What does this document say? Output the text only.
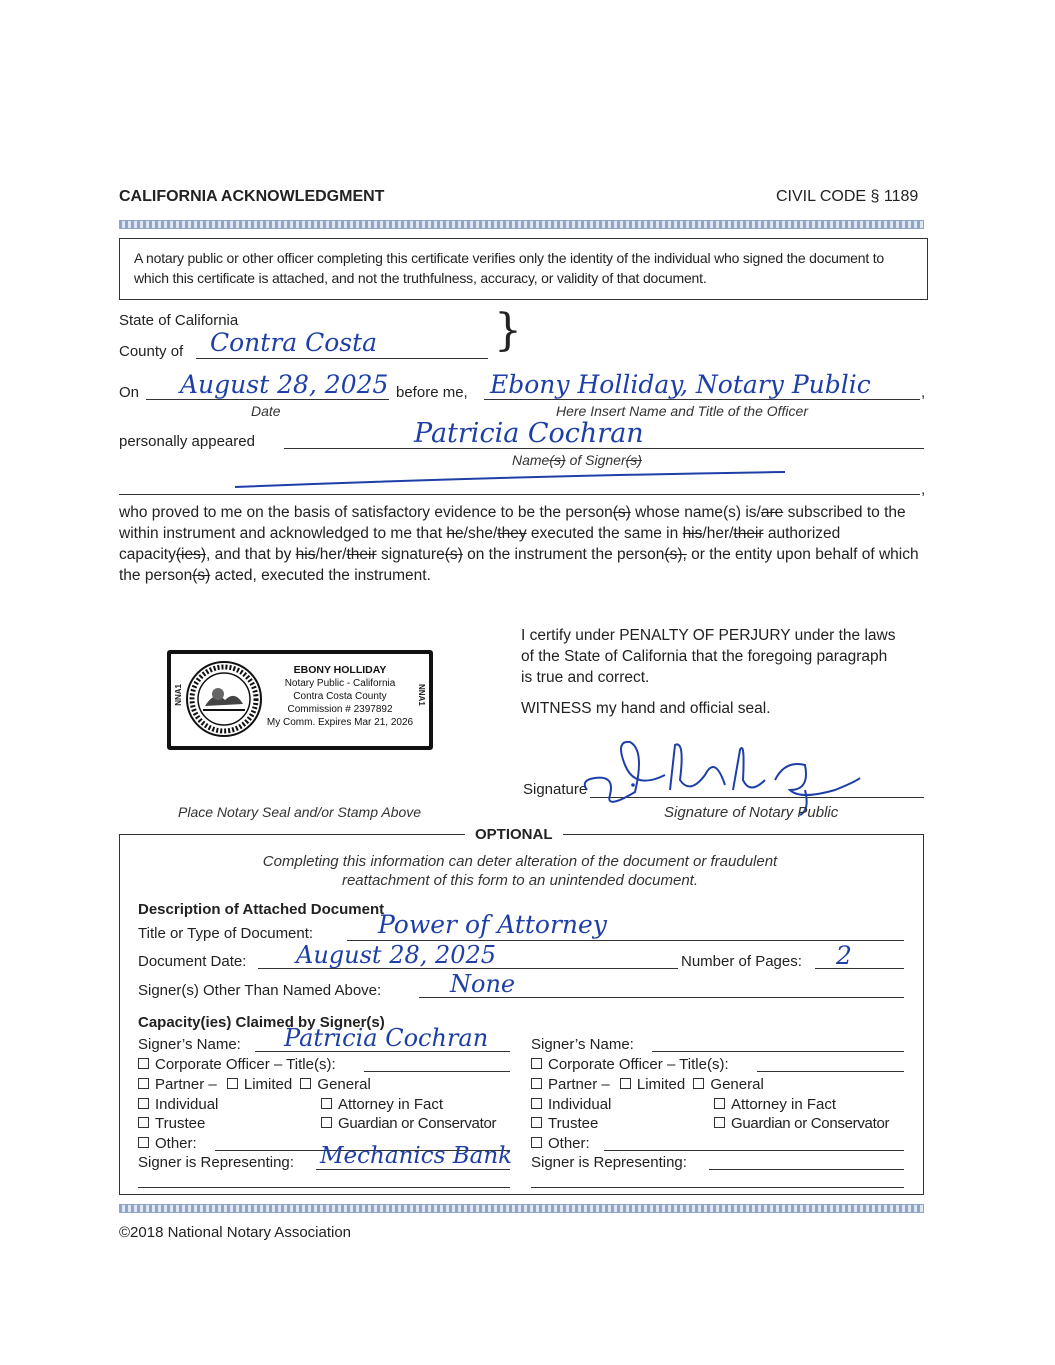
CALIFORNIA ACKNOWLEDGMENT	CIVIL CODE § 1189
A notary public or other officer completing this certificate verifies only the identity of the individual who signed the document to which this certificate is attached, and not the truthfulness, accuracy, or validity of that document.
State of California
County of Contra Costa	}
On August 28, 2025
Date
before me,	,
Ebony Holliday, Notary Public
Here Insert Name and Title of the Officer
personally appeared	Patricia Cochran
Name(s) of Signer(s)
,
who proved to me on the basis of satisfactory evidence to be the person(s) whose name(s) is/are subscribed to the within instrument and acknowledged to me that he/she/they executed the same in his/her/their authorized capacity(ies), and that by his/her/their signature(s) on the instrument the person(s), or the entity upon behalf of which the person(s) acted, executed the instrument.
NNA1	NNA1
EBONY HOLLIDAY
Notary Public - California
Contra Costa County
Commission # 2397892
My Comm. Expires Mar 21, 2026
Place Notary Seal and/or Stamp Above
I certify under PENALTY OF PERJURY under the laws of the State of California that the foregoing paragraph is true and correct.
WITNESS my hand and official seal.
Signature
Signature of Notary Public
OPTIONAL
Completing this information can deter alteration of the document or fraudulent reattachment of this form to an unintended document.
Description of Attached Document
Title or Type of Document:	Power of Attorney
Document Date: August 28, 2025	Number of Pages: 2
Signer(s) Other Than Named Above:	None
Capacity(ies) Claimed by Signer(s)
Signer’s Name: Patricia Cochran
Corporate Officer – Title(s):
Partner – Limited General
Individual	Attorney in Fact
Trustee	Guardian or Conservator
Other:
Signer is Representing: Mechanics Bank
Signer’s Name:
Corporate Officer – Title(s):
Partner – Limited General
Individual	Attorney in Fact
Trustee	Guardian or Conservator
Other:
Signer is Representing:
©2018 National Notary Association
